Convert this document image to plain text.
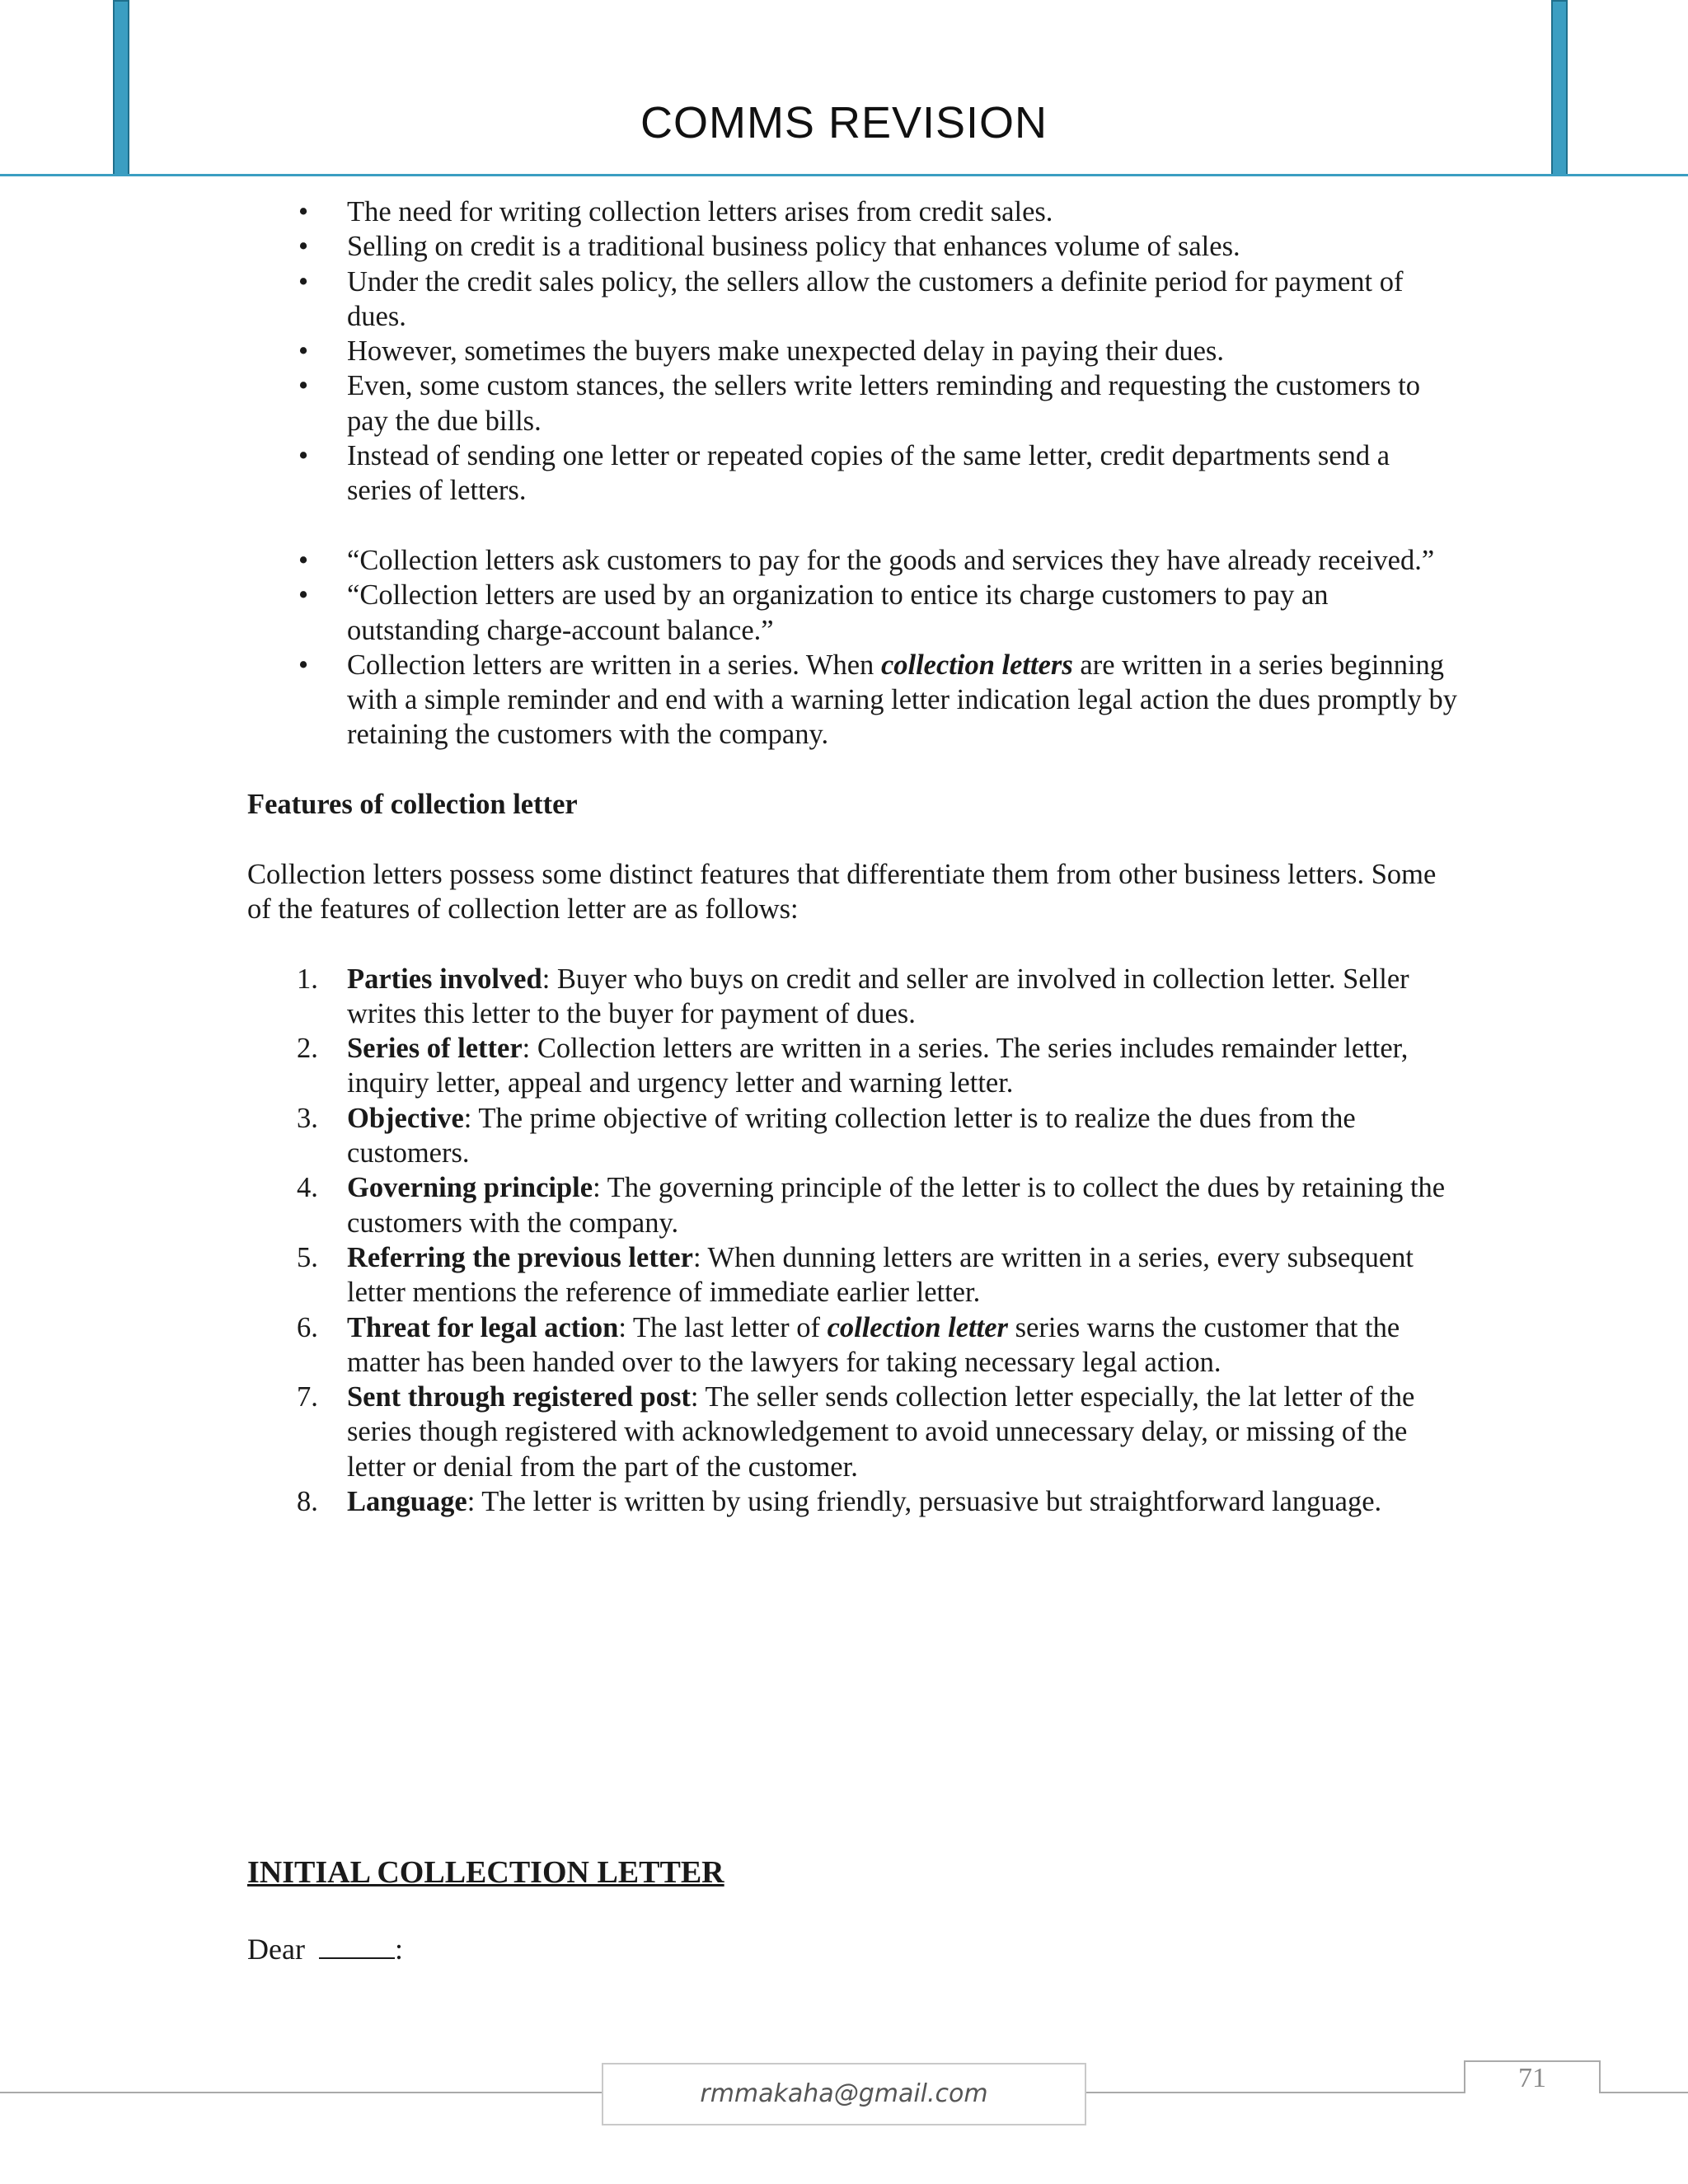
COMMS REVISION
• The need for writing collection letters arises from credit sales.
• Selling on credit is a traditional business policy that enhances volume of sales.
• Under the credit sales policy, the sellers allow the customers a definite period for payment of dues.
• However, sometimes the buyers make unexpected delay in paying their dues.
• Even, some custom stances, the sellers write letters reminding and requesting the customers to pay the due bills.
• Instead of sending one letter or repeated copies of the same letter, credit departments send a series of letters.
• “Collection letters ask customers to pay for the goods and services they have already received.”
• “Collection letters are used by an organization to entice its charge customers to pay an outstanding charge-account balance.”
• Collection letters are written in a series. When collection letters are written in a series beginning with a simple reminder and end with a warning letter indication legal action the dues promptly by retaining the customers with the company.
Features of collection letter
Collection letters possess some distinct features that differentiate them from other business letters. Some of the features of collection letter are as follows:
1. Parties involved: Buyer who buys on credit and seller are involved in collection letter. Seller writes this letter to the buyer for payment of dues.
2. Series of letter: Collection letters are written in a series. The series includes remainder letter, inquiry letter, appeal and urgency letter and warning letter.
3. Objective: The prime objective of writing collection letter is to realize the dues from the customers.
4. Governing principle: The governing principle of the letter is to collect the dues by retaining the customers with the company.
5. Referring the previous letter: When dunning letters are written in a series, every subsequent letter mentions the reference of immediate earlier letter.
6. Threat for legal action: The last letter of collection letter series warns the customer that the matter has been handed over to the lawyers for taking necessary legal action.
7. Sent through registered post: The seller sends collection letter especially, the lat letter of the series though registered with acknowledgement to avoid unnecessary delay, or missing of the letter or denial from the part of the customer.
8. Language: The letter is written by using friendly, persuasive but straightforward language.
INITIAL COLLECTION LETTER
Dear	:
rmmakaha@gmail.com
71
